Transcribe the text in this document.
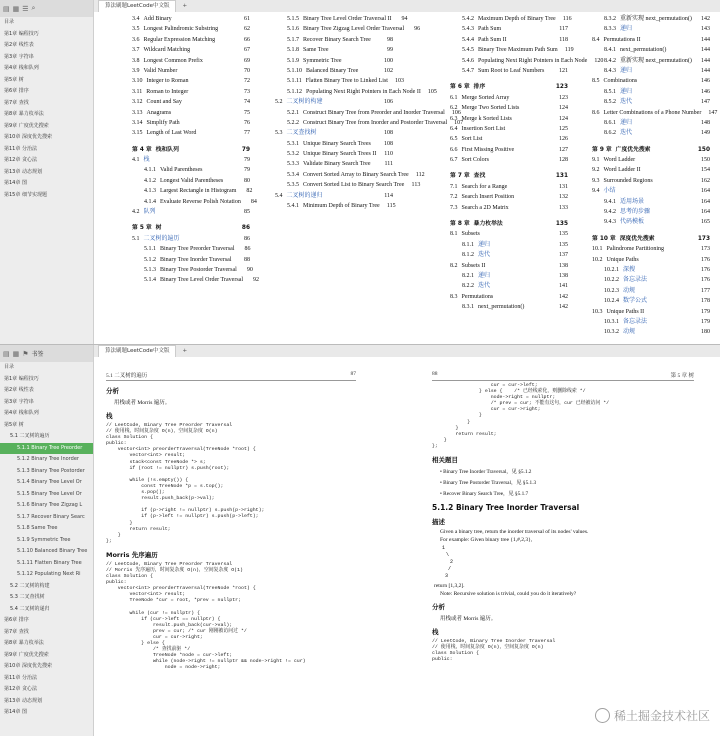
▤ ▦ ☰ ⌕
目录
第1章 编程技巧
第2章 线性表
第3章 字符串
第4章 栈和队列
第5章 树
第6章 排序
第7章 查找
第8章 暴力枚举法
第9章 广度优先搜索
第10章 深度优先搜索
第11章 分治法
第12章 贪心法
第13章 动态规划
第14章 图
第15章 细节实现题
算法刷题LeetCode中文版	+
3.4 Add Binary	61
3.5 Longest Palindromic Substring	62
3.6 Regular Expression Matching	66
3.7 Wildcard Matching	67
3.8 Longest Common Prefix	69
3.9 Valid Number	70
3.10 Integer to Roman	72
3.11 Roman to Integer	73
3.12 Count and Say	74
3.13 Anagrams	75
3.14 Simplify Path	76
3.15 Length of Last Word	77
第 4 章 栈和队列	79
4.1 栈	79
4.1.1 Valid Parentheses	79
4.1.2 Longest Valid Parentheses	80
4.1.3 Largest Rectangle in Histogram	82
4.1.4 Evaluate Reverse Polish Notation	84
4.2 队列	85
第 5 章 树	86
5.1 二叉树的遍历	86
5.1.1 Binary Tree Preorder Traversal	86
5.1.2 Binary Tree Inorder Traversal	88
5.1.3 Binary Tree Postorder Traversal	90
5.1.4 Binary Tree Level Order Traversal	92
5.1.5 Binary Tree Level Order Traversal II	94
5.1.6 Binary Tree Zigzag Level Order Traversal	96
5.1.7 Recover Binary Search Tree	98
5.1.8 Same Tree	99
5.1.9 Symmetric Tree	100
5.1.10 Balanced Binary Tree	102
5.1.11 Flatten Binary Tree to Linked List	103
5.1.12 Populating Next Right Pointers in Each Node II	105
5.2 二叉树的构建	106
5.2.1 Construct Binary Tree from Preorder and Inorder Traversal	106
5.2.2 Construct Binary Tree from Inorder and Postorder Traversal	107
5.3 二叉查找树	108
5.3.1 Unique Binary Search Trees	108
5.3.2 Unique Binary Search Trees II	110
5.3.3 Validate Binary Search Tree	111
5.3.4 Convert Sorted Array to Binary Search Tree	112
5.3.5 Convert Sorted List to Binary Search Tree	113
5.4 二叉树的递归	114
5.4.1 Minimum Depth of Binary Tree	115
5.4.2 Maximum Depth of Binary Tree	116
5.4.3 Path Sum	117
5.4.4 Path Sum II	118
5.4.5 Binary Tree Maximum Path Sum	119
5.4.6 Populating Next Right Pointers in Each Node	120
5.4.7 Sum Root to Leaf Numbers	121
第 6 章 排序	123
6.1 Merge Sorted Array	123
6.2 Merge Two Sorted Lists	124
6.3 Merge k Sorted Lists	124
6.4 Insertion Sort List	125
6.5 Sort List	126
6.6 First Missing Positive	127
6.7 Sort Colors	128
第 7 章 查找	131
7.1 Search for a Range	131
7.2 Search Insert Position	132
7.3 Search a 2D Matrix	133
第 8 章 暴力枚举法	135
8.1 Subsets	135
8.1.1 递归	135
8.1.2 迭代	137
8.2 Subsets II	138
8.2.1 递归	138
8.2.2 迭代	141
8.3 Permutations	142
8.3.1 next_permutation()	142
8.3.2 重新实现 next_permutation()	142
8.3.3 递归	143
8.4 Permutations II	144
8.4.1 next_permutation()	144
8.4.2 重新实现 next_permutation()	144
8.4.3 递归	144
8.5 Combinations	146
8.5.1 递归	146
8.5.2 迭代	147
8.6 Letter Combinations of a Phone Number	147
8.6.1 递归	148
8.6.2 迭代	149
第 9 章 广度优先搜索	150
9.1 Word Ladder	150
9.2 Word Ladder II	154
9.3 Surrounded Regions	162
9.4 小结	164
9.4.1 适用场景	164
9.4.2 思考的步骤	164
9.4.3 代码模板	165
第 10 章 深度优先搜索	173
10.1 Palindrome Partitioning	173
10.2 Unique Paths	176
10.2.1 深搜	176
10.2.2 备忘录法	176
10.2.3 动规	177
10.2.4 数学公式	178
10.3 Unique Paths II	179
10.3.1 备忘录法	179
10.3.2 动规	180
▤ ▦ ⚑ 书签
目录
第1章 编程技巧
第2章 线性表
第3章 字符串
第4章 栈和队列
第5章 树
5.1 二叉树的遍历
5.1.1 Binary Tree Preorder
5.1.2 Binary Tree Inorder
5.1.3 Binary Tree Postorder
5.1.4 Binary Tree Level Or
5.1.5 Binary Tree Level Or
5.1.6 Binary Tree Zigzag L
5.1.7 Recover Binary Searc
5.1.8 Same Tree
5.1.9 Symmetric Tree
5.1.10 Balanced Binary Tree
5.1.11 Flatten Binary Tree
5.1.12 Populating Next Ri
5.2 二叉树的构建
5.3 二叉查找树
5.4 二叉树的递归
第6章 排序
第7章 查找
第8章 暴力枚举法
第9章 广度优先搜索
第10章 深度优先搜索
第11章 分治法
第12章 贪心法
第13章 动态规划
第14章 图
算法刷题LeetCode中文版	+
5.1 二叉树的遍历	87
分析
用栈或者 Morris 遍历。
栈
// LeetCode, Binary Tree Preorder Traversal
// 使用栈，时间复杂度 O(n)，空间复杂度 O(n)
class Solution {
public:
vector<int> preorderTraversal(TreeNode *root) {
vector<int> result;
stack<const TreeNode *> s;
if (root != nullptr) s.push(root);

while (!s.empty()) {
const TreeNode *p = s.top();
s.pop();
result.push_back(p->val);

if (p->right != nullptr) s.push(p->right);
if (p->left != nullptr) s.push(p->left);
}
return result;
}
};
Morris 先序遍历
// LeetCode, Binary Tree Preorder Traversal
// Morris 先序遍历，时间复杂度 O(n)，空间复杂度 O(1)
class Solution {
public:
vector<int> preorderTraversal(TreeNode *root) {
vector<int> result;
TreeNode *cur = root, *prev = nullptr;

while (cur != nullptr) {
if (cur->left == nullptr) {
result.push_back(cur->val);
prev = cur; /* cur 刚刚被访问过 */
cur = cur->right;
} else {
/* 查找前驱 */
TreeNode *node = cur->left;
while (node->right != nullptr && node->right != cur)
node = node->right;
88	第 5 章 树
cur = cur->left;
} else {    /* 已经线索化，则删除线索 */
node->right = nullptr;
/* prev = cur; 不能有这句，cur 已经被访问 */
cur = cur->right;
}
}
}
return result;
}
};
相关题目
• Binary Tree Inorder Traversal，见 §5.1.2
• Binary Tree Postorder Traversal，见 §5.1.3
• Recover Binary Search Tree，见 §5.1.7
5.1.2 Binary Tree Inorder Traversal
描述
Given a binary tree, return the inorder traversal of its nodes' values.
For example: Given binary tree {1,#,2,3},
1
\
2
/
3
return [1,3,2].
Note: Recursive solution is trivial, could you do it iteratively?
分析
用栈或者 Morris 遍历。
栈
// LeetCode, Binary Tree Inorder Traversal
// 使用栈，时间复杂度 O(n)，空间复杂度 O(n)
class Solution {
public:
稀土掘金技术社区
